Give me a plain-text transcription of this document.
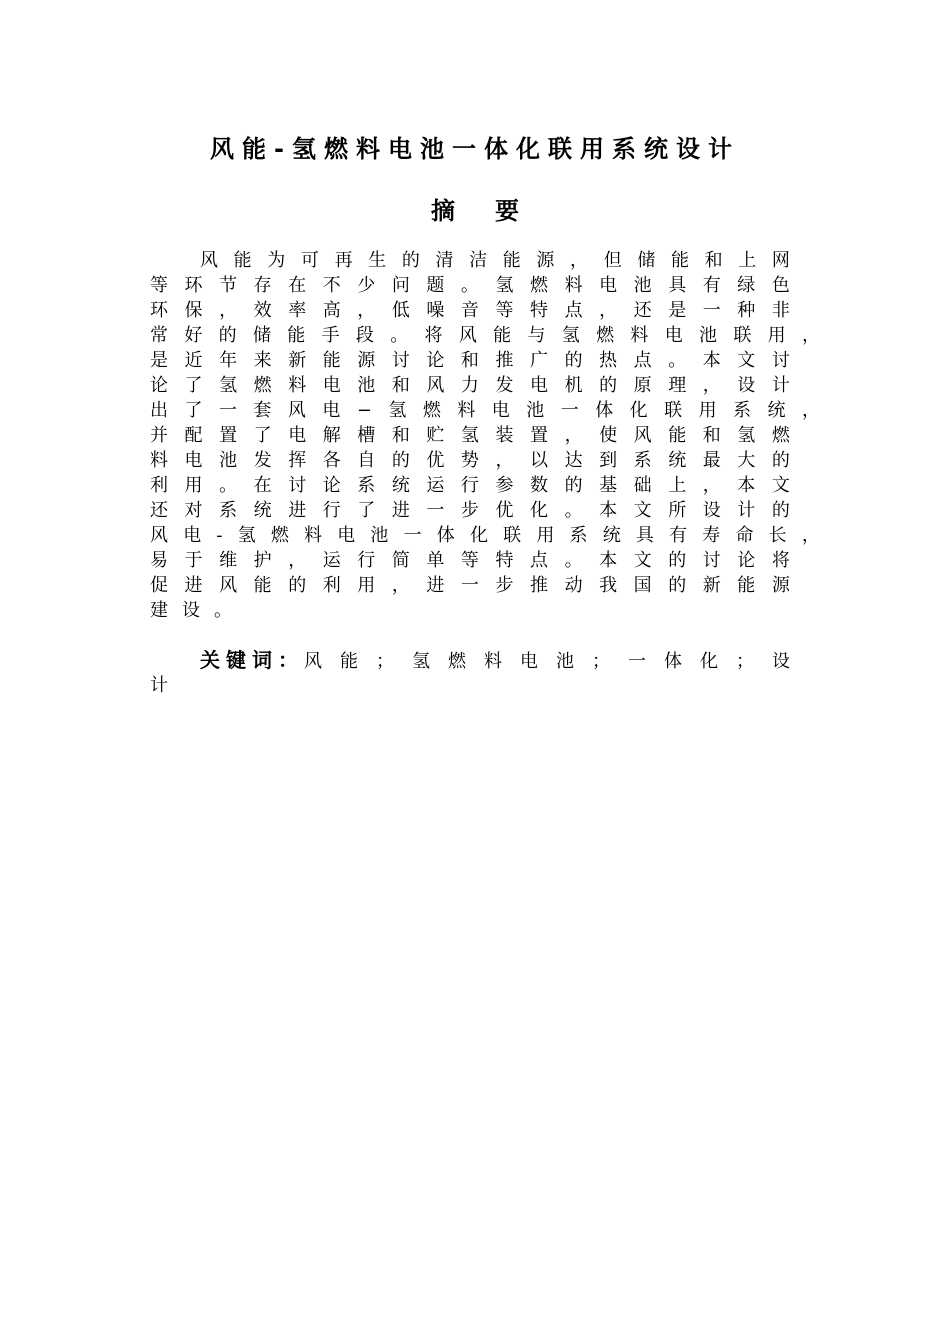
风能-氢燃料电池一体化联用系统设计
摘要
风 能 为 可 再 生 的 清 洁 能 源 ， 但 储 能 和 上 网
等 环 节 存 在 不 少 问 题 。 氢 燃 料 电 池 具 有 绿 色
环 保 ， 效 率 高 ， 低 噪 音 等 特 点 ， 还 是 一 种 非
常 好 的 储 能 手 段 。 将 风 能 与 氢 燃 料 电 池 联 用 ，
是 近 年 来 新 能 源 讨 论 和 推 广 的 热 点 。 本 文 讨
论 了 氢 燃 料 电 池 和 风 力 发 电 机 的 原 理 ， 设 计
出 了 一 套 风 电 − 氢 燃 料 电 池 一 体 化 联 用 系 统 ，
并 配 置 了 电 解 槽 和 贮 氢 装 置 ， 使 风 能 和 氢 燃
料 电 池 发 挥 各 自 的 优 势 ， 以 达 到 系 统 最 大 的
利 用 。 在 讨 论 系 统 运 行 参 数 的 基 础 上 ， 本 文
还 对 系 统 进 行 了 进 一 步 优 化 。 本 文 所 设 计 的
风 电 - 氢 燃 料 电 池 一 体 化 联 用 系 统 具 有 寿 命 长 ，
易 于 维 护 ， 运 行 简 单 等 特 点 。 本 文 的 讨 论 将
促 进 风 能 的 利 用 ， 进 一 步 推 动 我 国 的 新 能 源
建 设 。
关键词： 风 能 ； 氢 燃 料 电 池 ； 一 体 化 ； 设
计
